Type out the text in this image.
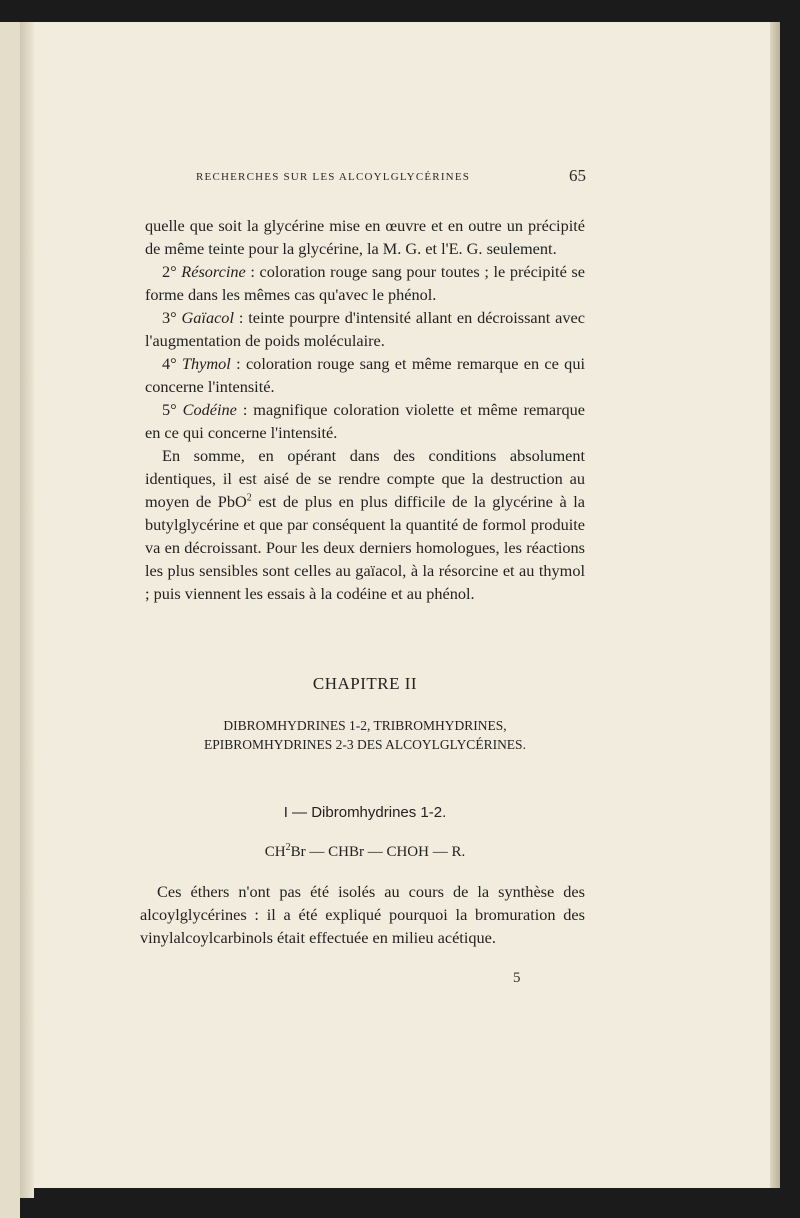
RECHERCHES SUR LES ALCOYLGLYCÉRINES	65

quelle que soit la glycérine mise en œuvre et en outre un précipité de même teinte pour la glycérine, la M. G. et l'E. G. seulement.

2° Résorcine : coloration rouge sang pour toutes ; le précipité se forme dans les mêmes cas qu'avec le phénol.

3° Gaïacol : teinte pourpre d'intensité allant en décroissant avec l'augmentation de poids moléculaire.

4° Thymol : coloration rouge sang et même remarque en ce qui concerne l'intensité.

5° Codéine : magnifique coloration violette et même remarque en ce qui concerne l'intensité.

En somme, en opérant dans des conditions absolument identiques, il est aisé de se rendre compte que la destruction au moyen de PbO$^2$ est de plus en plus difficile de la glycérine à la butylglycérine et que par conséquent la quantité de formol produite va en décroissant. Pour les deux derniers homologues, les réactions les plus sensibles sont celles au gaïacol, à la résorcine et au thymol ; puis viennent les essais à la codéine et au phénol.

CHAPITRE II
DIBROMHYDRINES 1-2, TRIBROMHYDRINES,
EPIBROMHYDRINES 2-3 DES ALCOYLGLYCÉRINES.
I — Dibromhydrines 1-2.
$CH^2Br$ — CHBr — CHOH — R.

Ces éthers n'ont pas été isolés au cours de la synthèse des alcoylglycérines : il a été expliqué pourquoi la bromuration des vinylalcoylcarbinols était effectuée en milieu acétique.

5
